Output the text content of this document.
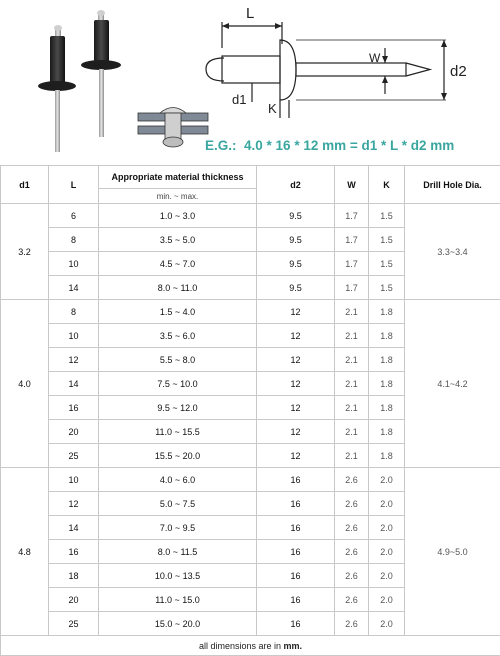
L
W
d2
d1
K
E.G.: 4.0 * 16 * 12 mm = d1 * L * d2 mm
d1	L	Appropriate material thickness	d2	W	K	Drill Hole Dia.
		min. ~ max.				
3.2	6	1.0 ~ 3.0	9.5	1.7	1.5	3.3~3.4
	8	3.5 ~ 5.0	9.5	1.7	1.5	
	10	4.5 ~ 7.0	9.5	1.7	1.5	
	14	8.0 ~ 11.0	9.5	1.7	1.5	
4.0	8	1.5 ~ 4.0	12	2.1	1.8	4.1~4.2
	10	3.5 ~ 6.0	12	2.1	1.8	
	12	5.5 ~ 8.0	12	2.1	1.8	
	14	7.5 ~ 10.0	12	2.1	1.8	
	16	9.5 ~ 12.0	12	2.1	1.8	
	20	11.0 ~ 15.5	12	2.1	1.8	
	25	15.5 ~ 20.0	12	2.1	1.8	
4.8	10	4.0 ~ 6.0	16	2.6	2.0	4.9~5.0
	12	5.0 ~ 7.5	16	2.6	2.0	
	14	7.0 ~ 9.5	16	2.6	2.0	
	16	8.0 ~ 11.5	16	2.6	2.0	
	18	10.0 ~ 13.5	16	2.6	2.0	
	20	11.0 ~ 15.0	16	2.6	2.0	
	25	15.0 ~ 20.0	16	2.6	2.0	
all dimensions are in mm.						
